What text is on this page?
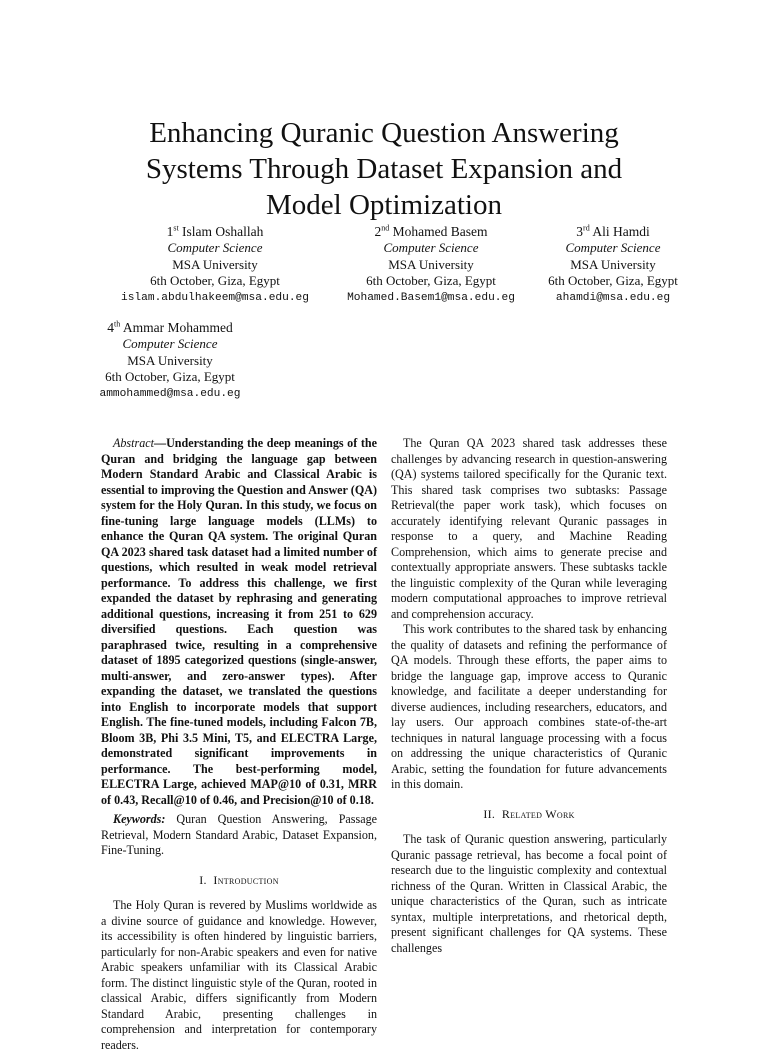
Enhancing Quranic Question Answering
Systems Through Dataset Expansion and
Model Optimization
1st Islam Oshallah
Computer Science
MSA University
6th October, Giza, Egypt
islam.abdulhakeem@msa.edu.eg
2nd Mohamed Basem
Computer Science
MSA University
6th October, Giza, Egypt
Mohamed.Basem1@msa.edu.eg
3rd Ali Hamdi
Computer Science
MSA University
6th October, Giza, Egypt
ahamdi@msa.edu.eg
4th Ammar Mohammed
Computer Science
MSA University
6th October, Giza, Egypt
ammohammed@msa.edu.eg

Abstract—Understanding the deep meanings of the Quran and bridging the language gap between Modern Standard Arabic and Classical Arabic is essential to improving the Question and Answer (QA) system for the Holy Quran. In this study, we focus on fine-tuning large language models (LLMs) to enhance the Quran QA system. The original Quran QA 2023 shared task dataset had a limited number of questions, which resulted in weak model retrieval performance. To address this challenge, we first expanded the dataset by rephrasing and generating additional questions, increasing it from 251 to 629 diversified questions. Each question was paraphrased twice, resulting in a comprehensive dataset of 1895 categorized questions (single-answer, multi-answer, and zero-answer types). After expanding the dataset, we translated the questions into English to incorporate models that support English. The fine-tuned models, including Falcon 7B, Bloom 3B, Phi 3.5 Mini, T5, and ELECTRA Large, demonstrated significant improvements in performance. The best-performing model, ELECTRA Large, achieved MAP@10 of 0.31, MRR of 0.43, Recall@10 of 0.46, and Precision@10 of 0.18.

Keywords: Quran Question Answering, Passage Retrieval, Modern Standard Arabic, Dataset Expansion, Fine-Tuning.

I. Introduction

The Holy Quran is revered by Muslims worldwide as a divine source of guidance and knowledge. However, its accessibility is often hindered by linguistic barriers, particularly for non-Arabic speakers and even for native Arabic speakers unfamiliar with its Classical Arabic form. The distinct linguistic style of the Quran, rooted in classical Arabic, differs significantly from Modern Standard Arabic, presenting challenges in comprehension and interpretation for contemporary readers.

The Quran QA 2023 shared task addresses these challenges by advancing research in question-answering (QA) systems tailored specifically for the Quranic text. This shared task comprises two subtasks: Passage Retrieval(the paper work task), which focuses on accurately identifying relevant Quranic passages in response to a query, and Machine Reading Comprehension, which aims to generate precise and contextually appropriate answers. These subtasks tackle the linguistic complexity of the Quran while leveraging modern computational approaches to improve retrieval and comprehension accuracy.

This work contributes to the shared task by enhancing the quality of datasets and refining the performance of QA models. Through these efforts, the paper aims to bridge the language gap, improve access to Quranic knowledge, and facilitate a deeper understanding for diverse audiences, including researchers, educators, and lay users. Our approach combines state-of-the-art techniques in natural language processing with a focus on addressing the unique characteristics of Quranic Arabic, setting the foundation for future advancements in this domain.

II. Related Work

The task of Quranic question answering, particularly Quranic passage retrieval, has become a focal point of research due to the linguistic complexity and contextual richness of the Quran. Written in Classical Arabic, the unique characteristics of the Quran, such as intricate syntax, multiple interpretations, and rhetorical depth, present significant challenges for QA systems. These challenges
